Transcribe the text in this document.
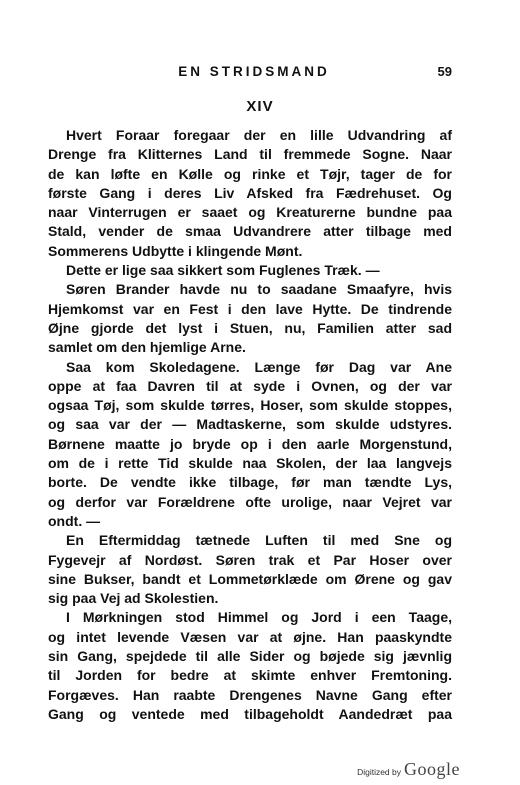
EN STRIDSMAND	59
XIV
Hvert Foraar foregaar der en lille Udvandring af
Drenge fra Klitternes Land til fremmede Sogne. Naar
de kan løfte en Kølle og rinke et Tøjr, tager de for
første Gang i deres Liv Afsked fra Fædrehuset. Og
naar Vinterrugen er saaet og Kreaturerne bundne paa
Stald, vender de smaa Udvandrere atter tilbage med
Sommerens Udbytte i klingende Mønt.
Dette er lige saa sikkert som Fuglenes Træk. —
Søren Brander havde nu to saadane Smaafyre, hvis
Hjemkomst var en Fest i den lave Hytte. De tindrende
Øjne gjorde det lyst i Stuen, nu, Familien atter sad
samlet om den hjemlige Arne.
Saa kom Skoledagene. Længe før Dag var Ane
oppe at faa Davren til at syde i Ovnen, og der var
ogsaa Tøj, som skulde tørres, Hoser, som skulde stoppes,
og saa var der — Madtaskerne, som skulde udstyres.
Børnene maatte jo bryde op i den aarle Morgenstund,
om de i rette Tid skulde naa Skolen, der laa langvejs
borte. De vendte ikke tilbage, før man tændte Lys,
og derfor var Forældrene ofte urolige, naar Vejret var
ondt. —
En Eftermiddag tætnede Luften til med Sne og
Fygevejr af Nordøst. Søren trak et Par Hoser over
sine Bukser, bandt et Lommetørklæde om Ørene og gav
sig paa Vej ad Skolestien.
I Mørkningen stod Himmel og Jord i een Taage,
og intet levende Væsen var at øjne. Han paaskyndte
sin Gang, spejdede til alle Sider og bøjede sig jævnlig
til Jorden for bedre at skimte enhver Fremtoning.
Forgæves. Han raabte Drengenes Navne Gang efter
Gang og ventede med tilbageholdt Aandedræt paa
Digitized by Google
